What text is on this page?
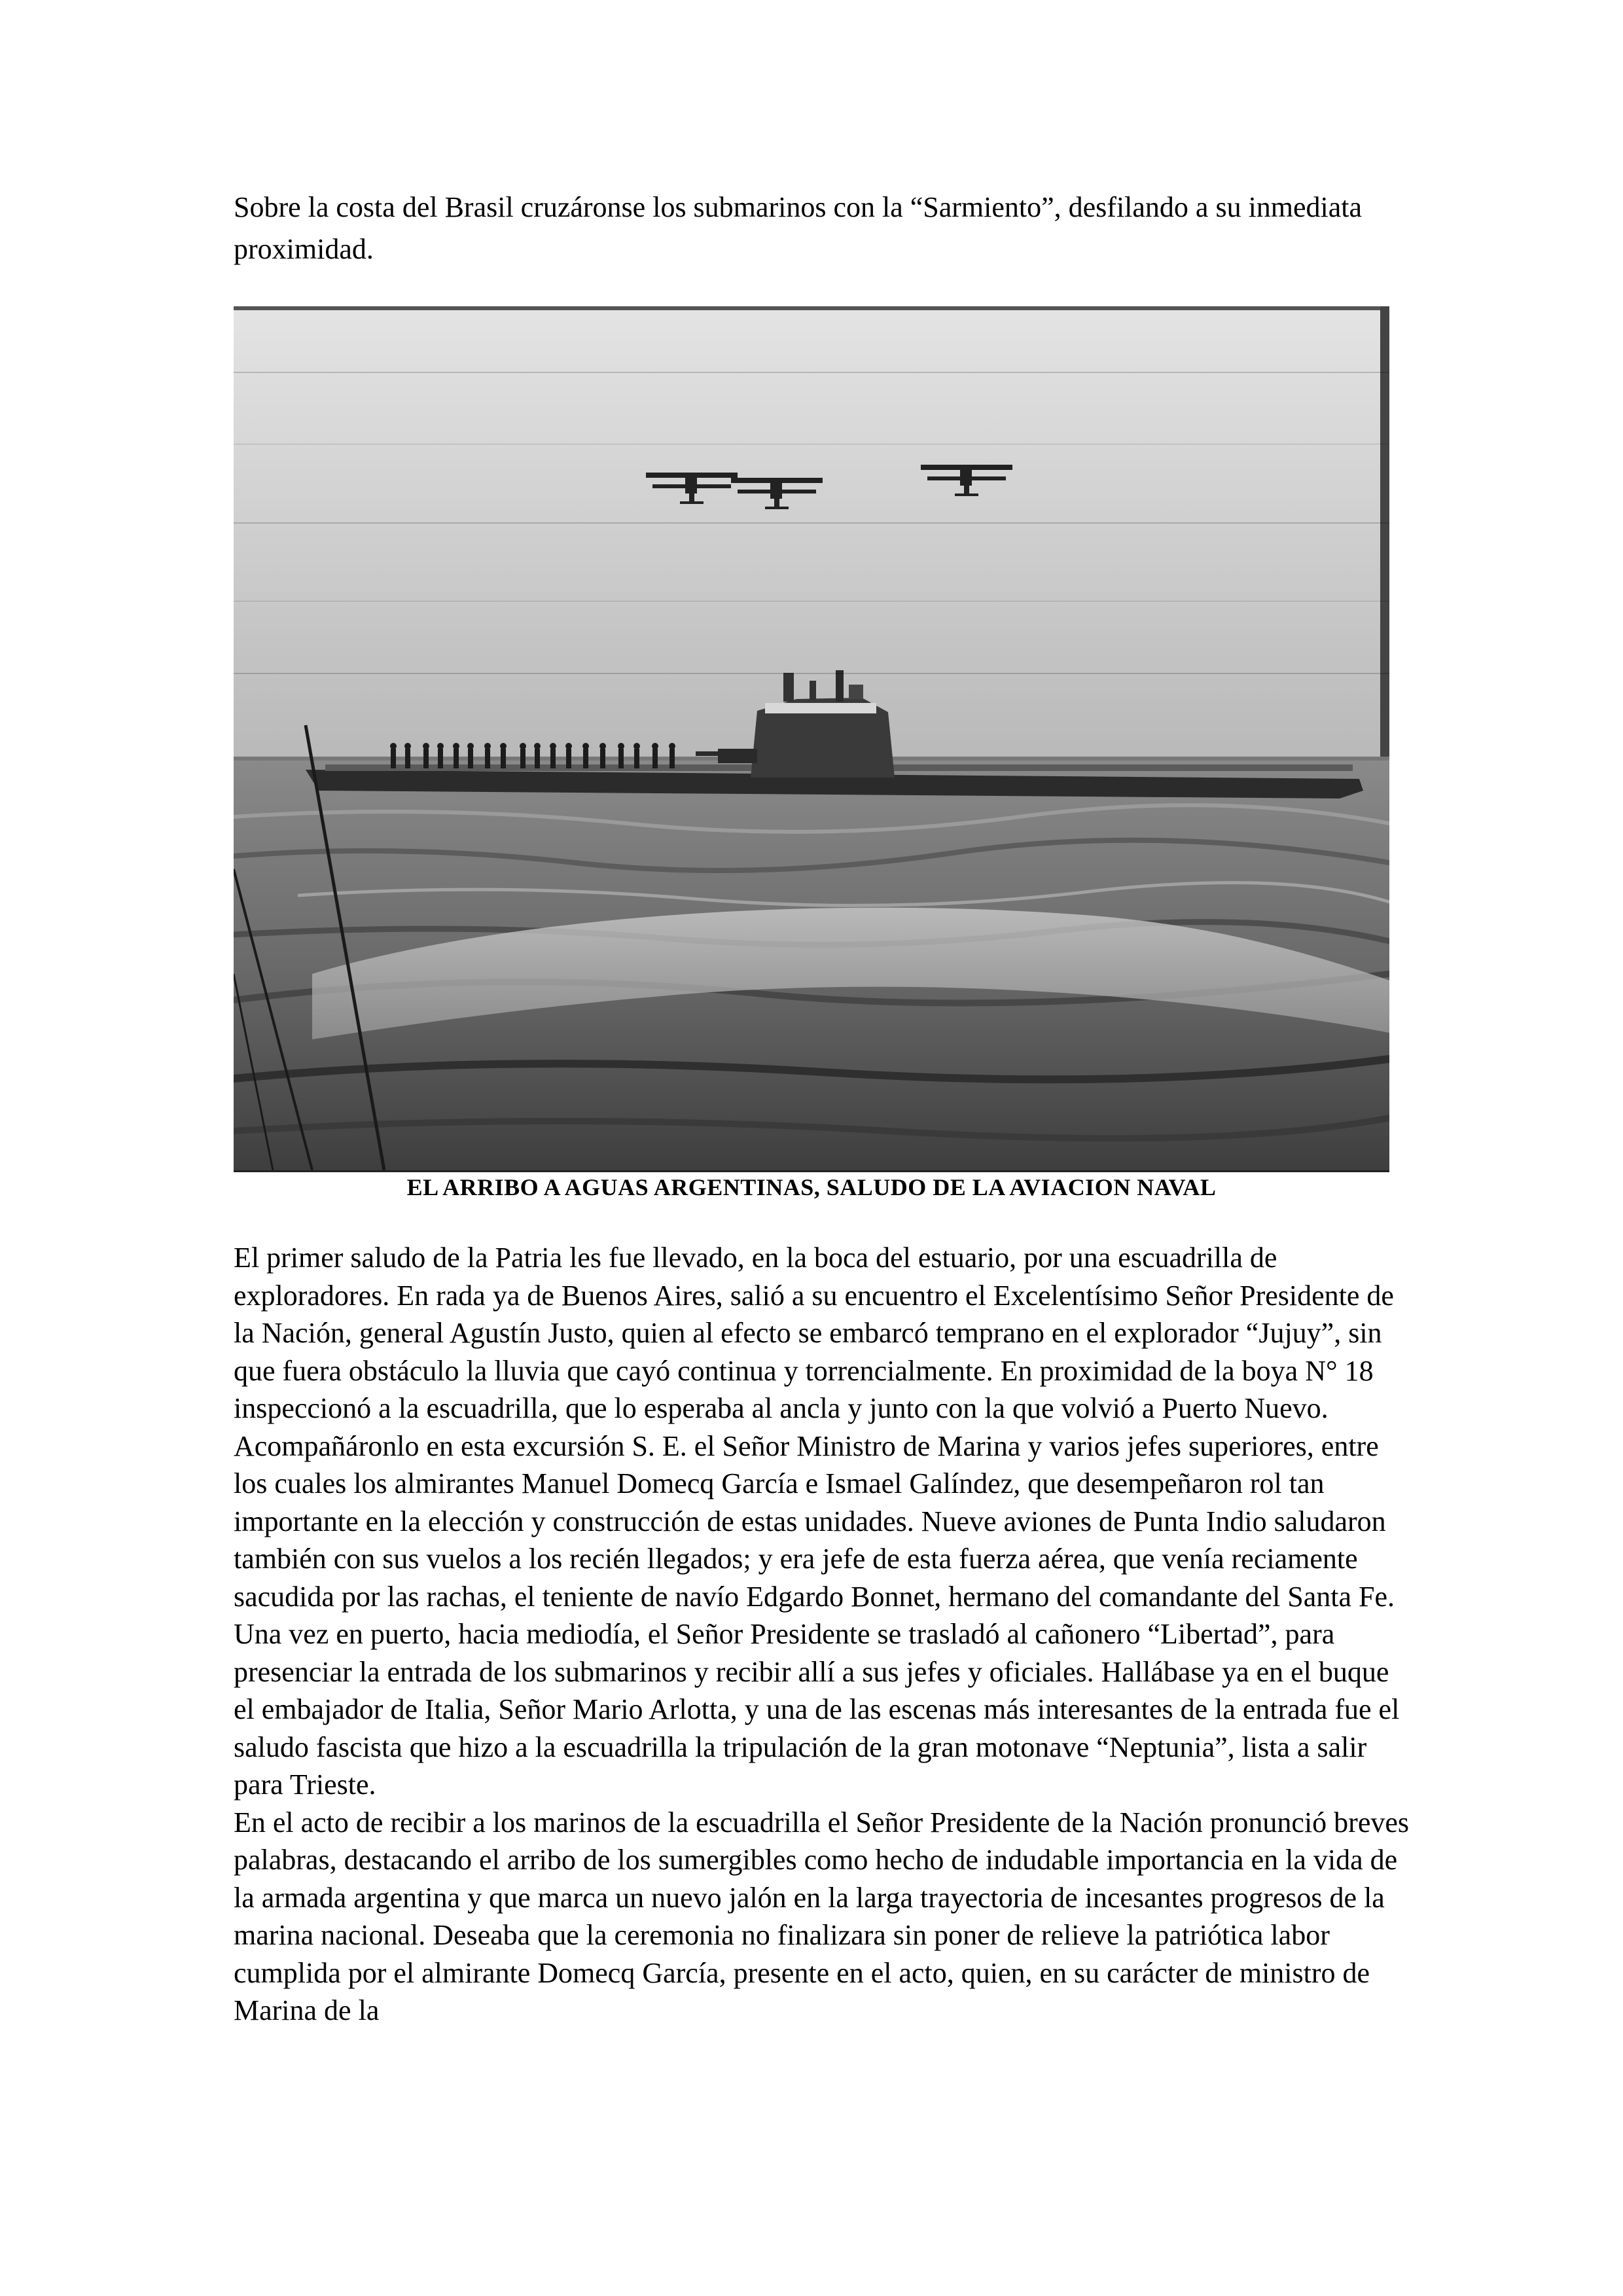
Sobre la costa del Brasil cruzáronse los submarinos con la “Sarmiento”, desfilando a su inmediata proximidad.

EL ARRIBO A AGUAS ARGENTINAS, SALUDO DE LA AVIACION NAVAL

El primer saludo de la Patria les fue llevado, en la boca del estuario, por una escuadrilla de exploradores. En rada ya de Buenos Aires, salió a su encuentro el Excelentísimo Señor Presidente de la Nación, general Agustín Justo, quien al efecto se embarcó temprano en el explorador “Jujuy”, sin que fuera obstáculo la lluvia que cayó continua y torrencialmente. En proximidad de la boya N° 18 inspeccionó a la escuadrilla, que lo esperaba al ancla y junto con la que volvió a Puerto Nuevo. Acompañáronlo en esta excursión S. E. el Señor Ministro de Marina y varios jefes superiores, entre los cuales los almirantes Manuel Domecq García e Ismael Galíndez, que desempeñaron rol tan importante en la elección y construcción de estas unidades. Nueve aviones de Punta Indio saludaron también con sus vuelos a los recién llegados; y era jefe de esta fuerza aérea, que venía reciamente sacudida por las rachas, el teniente de navío Edgardo Bonnet, hermano del comandante del Santa Fe.

Una vez en puerto, hacia mediodía, el Señor Presidente se trasladó al cañonero “Libertad”, para presenciar la entrada de los submarinos y recibir allí a sus jefes y oficiales. Hallábase ya en el buque el embajador de Italia, Señor Mario Arlotta, y una de las escenas más interesantes de la entrada fue el saludo fascista que hizo a la escuadrilla la tripulación de la gran motonave “Neptunia”, lista a salir para Trieste.

En el acto de recibir a los marinos de la escuadrilla el Señor Presidente de la Nación pronunció breves palabras, destacando el arribo de los sumergibles como hecho de indudable importancia en la vida de la armada argentina y que marca un nuevo jalón en la larga trayectoria de incesantes progresos de la marina nacional. Deseaba que la ceremonia no finalizara sin poner de relieve la patriótica labor cumplida por el almirante Domecq García, presente en el acto, quien, en su carácter de ministro de Marina de la
